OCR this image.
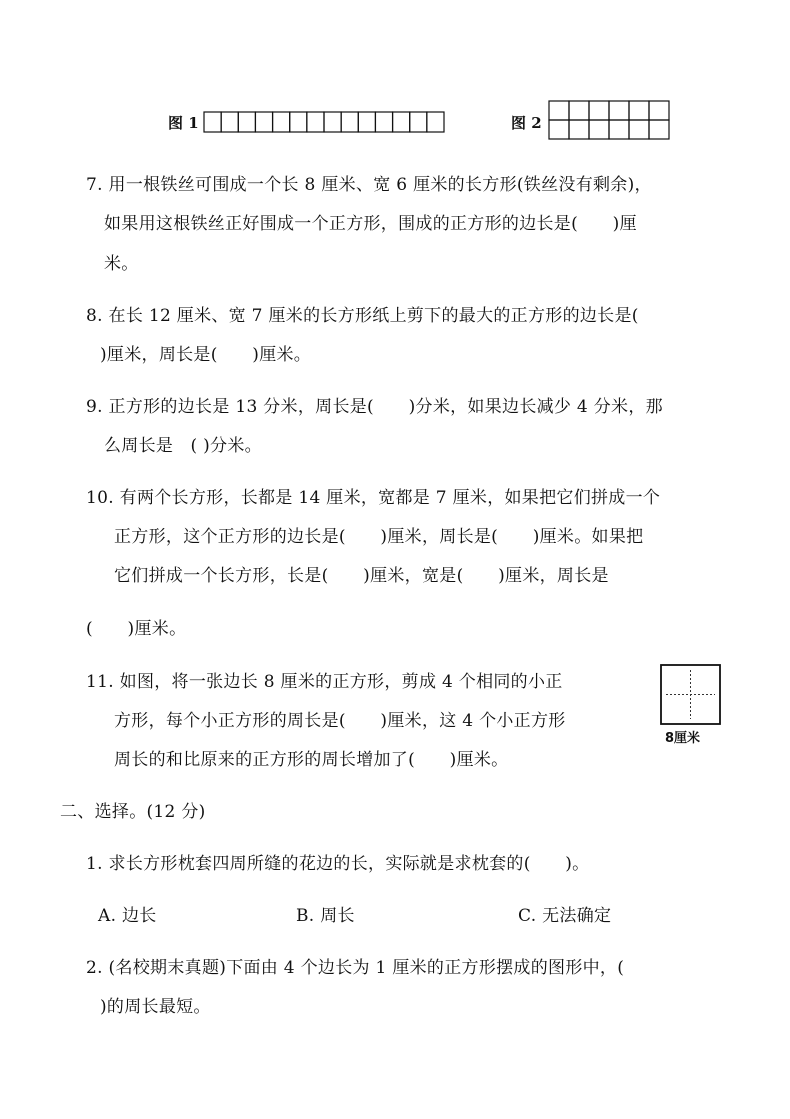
图 1	图 2
7. 用一根铁丝可围成一个长 8 厘米、宽 6 厘米的长方形(铁丝没有剩余)，
如果用这根铁丝正好围成一个正方形，围成的正方形的边长是(　　)厘
米。
8. 在长 12 厘米、宽 7 厘米的长方形纸上剪下的最大的正方形的边长是(
)厘米，周长是(　　)厘米。
9. 正方形的边长是 13 分米，周长是(　　)分米，如果边长减少 4 分米，那
么周长是　( )分米。
10. 有两个长方形，长都是 14 厘米，宽都是 7 厘米，如果把它们拼成一个
正方形，这个正方形的边长是(　　)厘米，周长是(　　)厘米。如果把
它们拼成一个长方形，长是(　　)厘米，宽是(　　)厘米，周长是
(　　)厘米。
11. 如图，将一张边长 8 厘米的正方形，剪成 4 个相同的小正
方形，每个小正方形的周长是(　　)厘米，这 4 个小正方形
周长的和比原来的正方形的周长增加了(　　)厘米。
8厘米
二、选择。(12 分)
1. 求长方形枕套四周所缝的花边的长，实际就是求枕套的(　　)。
A. 边长	B. 周长	C. 无法确定
2. (名校期末真题)下面由 4 个边长为 1 厘米的正方形摆成的图形中，(
)的周长最短。
